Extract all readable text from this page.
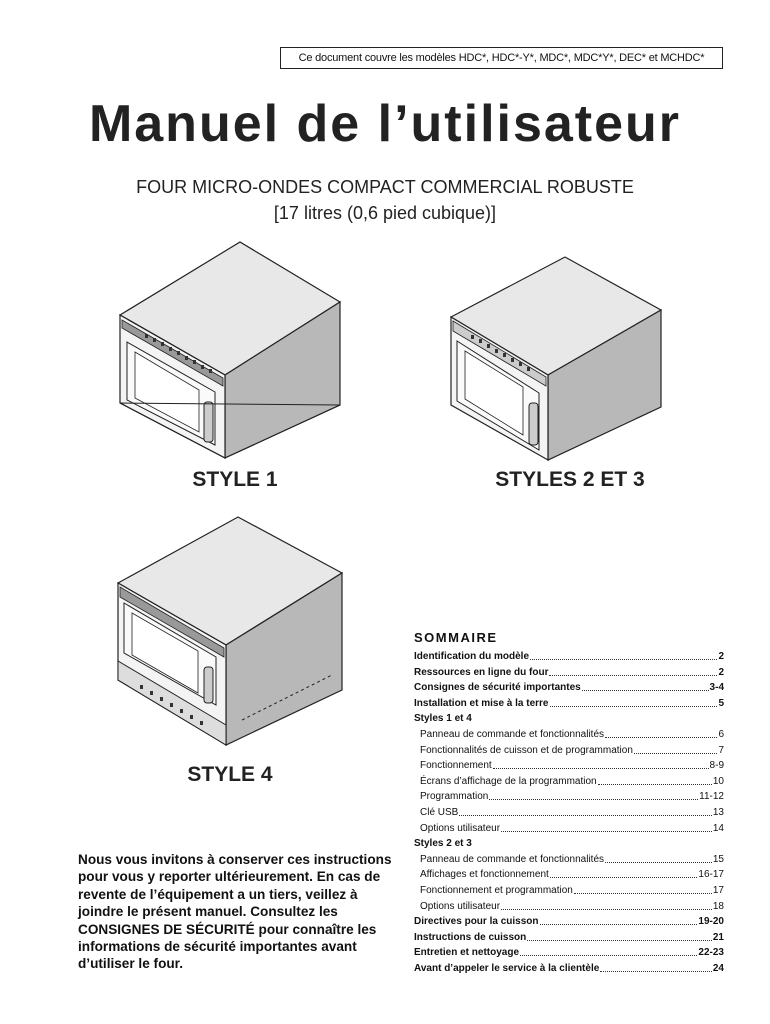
Ce document couvre les modèles HDC*, HDC*-Y*, MDC*, MDC*Y*, DEC* et MCHDC*
Manuel de l’utilisateur
FOUR MICRO-ONDES COMPACT COMMERCIAL ROBUSTE
[17 litres (0,6 pied cubique)]
STYLE 1	STYLES 2 ET 3
STYLE 4
SOMMAIRE
Identification du modèle	2
Ressources en ligne du four	2
Consignes de sécurité importantes	3-4
Installation et mise à la terre	5
Styles 1 et 4
Panneau de commande et fonctionnalités	6
Fonctionnalités de cuisson et de programmation	7
Fonctionnement	8-9
Écrans d’affichage de la programmation	10
Programmation	11-12
Clé USB	13
Options utilisateur	14
Styles 2 et 3
Panneau de commande et fonctionnalités	15
Affichages et fonctionnement	16-17
Fonctionnement et programmation	17
Options utilisateur	18
Directives pour la cuisson	19-20
Instructions de cuisson	21
Entretien et nettoyage	22-23
Avant d’appeler le service à la clientèle	24
Nous vous invitons à conserver ces instructions pour vous y reporter ultérieurement. En cas de revente de l’équipement a un tiers, veillez à joindre le présent manuel. Consultez les CONSIGNES DE SÉCURITÉ pour connaître les informations de sécurité importantes avant d’utiliser le four.
